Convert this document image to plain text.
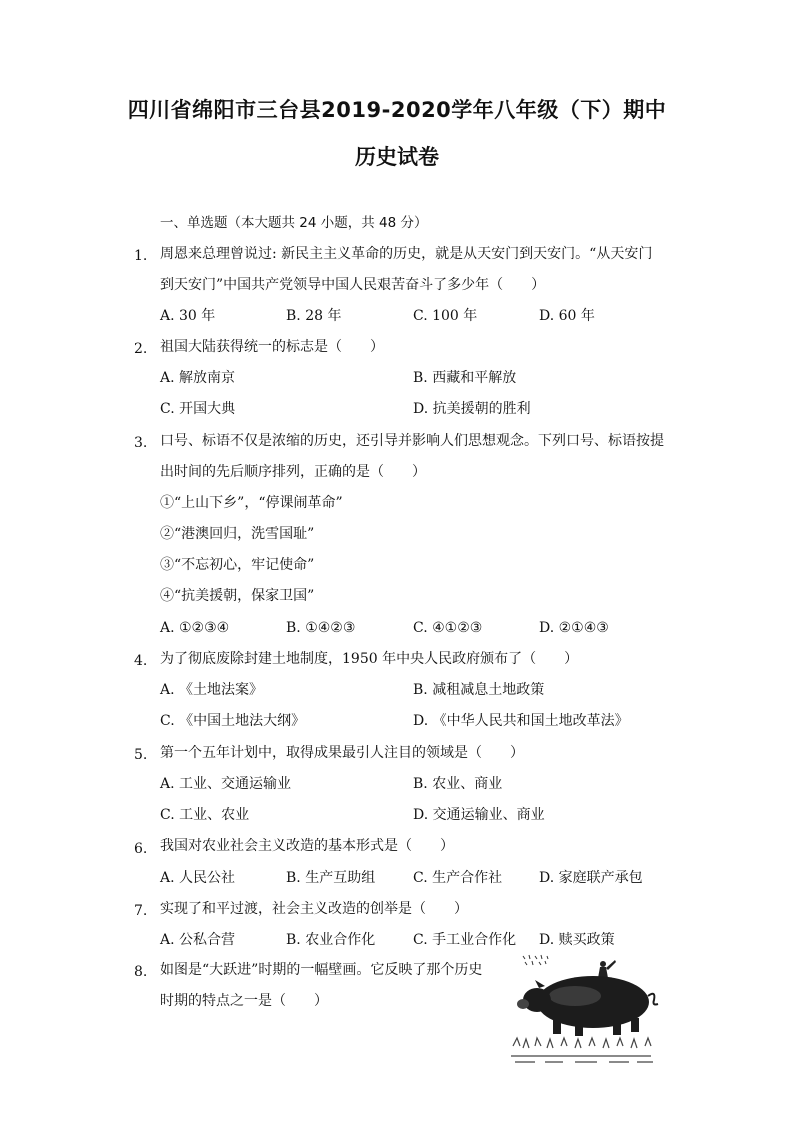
四川省绵阳市三台县2019-2020学年八年级（下）期中
历史试卷
一、单选题（本大题共 24 小题，共 48 分）
1. 周恩来总理曾说过: 新民主主义革命的历史，就是从天安门到天安门。“从天安门
到天安门”中国共产党领导中国人民艰苦奋斗了多少年（　　）
A. 30 年	B. 28 年	C. 100 年	D. 60 年
2. 祖国大陆获得统一的标志是（　　）
A. 解放南京	B. 西藏和平解放
C. 开国大典	D. 抗美援朝的胜利
3. 口号、标语不仅是浓缩的历史，还引导并影响人们思想观念。下列口号、标语按提
出时间的先后顺序排列，正确的是（　　）
①“上山下乡”，“停课闹革命”
②“港澳回归，洗雪国耻”
③“不忘初心，牢记使命”
④“抗美援朝，保家卫国”
A. ①②③④	B. ①④②③	C. ④①②③	D. ②①④③
4. 为了彻底废除封建土地制度，1950 年中央人民政府颁布了（　　）
A. 《土地法案》	B. 减租减息土地政策
C. 《中国土地法大纲》	D. 《中华人民共和国土地改革法》
5. 第一个五年计划中，取得成果最引人注目的领域是（　　）
A. 工业、交通运输业	B. 农业、商业
C. 工业、农业	D. 交通运输业、商业
6. 我国对农业社会主义改造的基本形式是（　　）
A. 人民公社	B. 生产互助组	C. 生产合作社	D. 家庭联产承包
7. 实现了和平过渡，社会主义改造的创举是（　　）
A. 公私合营	B. 农业合作化	C. 手工业合作化 D. 赎买政策
8. 如图是“大跃进”时期的一幅壁画。它反映了那个历史
时期的特点之一是（　　）
